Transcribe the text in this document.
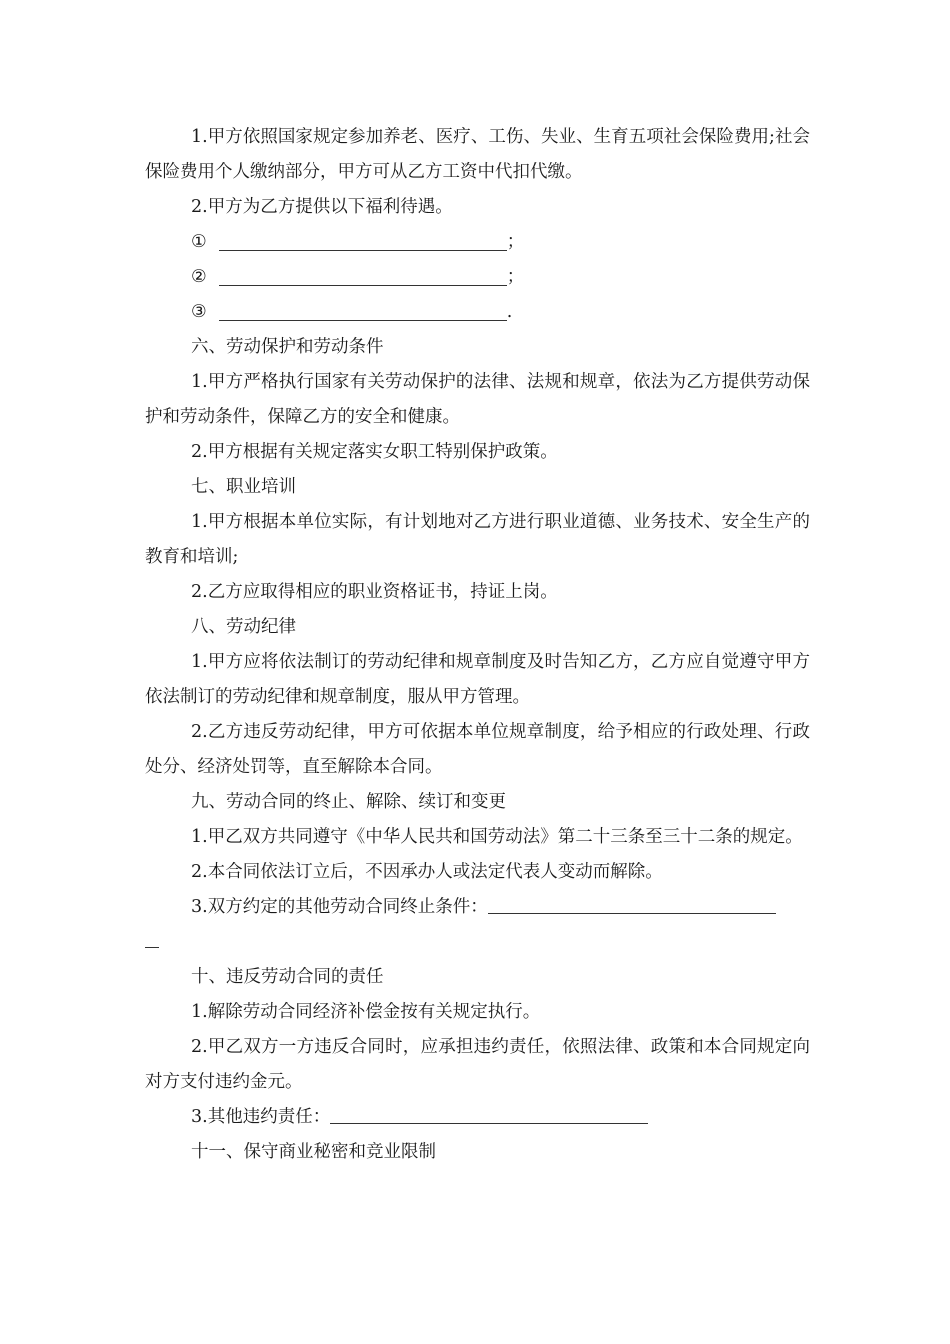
1.甲方依照国家规定参加养老、医疗、工伤、失业、生育五项社会保险费用;社会保险费用个人缴纳部分，甲方可从乙方工资中代扣代缴。

2.甲方为乙方提供以下福利待遇。

①	；
②	；
③	.

六、劳动保护和劳动条件

1.甲方严格执行国家有关劳动保护的法律、法规和规章，依法为乙方提供劳动保护和劳动条件，保障乙方的安全和健康。

2.甲方根据有关规定落实女职工特别保护政策。

七、职业培训

1.甲方根据本单位实际，有计划地对乙方进行职业道德、业务技术、安全生产的教育和培训;

2.乙方应取得相应的职业资格证书，持证上岗。

八、劳动纪律

1.甲方应将依法制订的劳动纪律和规章制度及时告知乙方，乙方应自觉遵守甲方依法制订的劳动纪律和规章制度，服从甲方管理。

2.乙方违反劳动纪律，甲方可依据本单位规章制度，给予相应的行政处理、行政处分、经济处罚等，直至解除本合同。

九、劳动合同的终止、解除、续订和变更

1.甲乙双方共同遵守《中华人民共和国劳动法》第二十三条至三十二条的规定。

2.本合同依法订立后，不因承办人或法定代表人变动而解除。

3.双方约定的其他劳动合同终止条件：

十、违反劳动合同的责任

1.解除劳动合同经济补偿金按有关规定执行。

2.甲乙双方一方违反合同时，应承担违约责任，依照法律、政策和本合同规定向对方支付违约金元。

3.其他违约责任：

十一、保守商业秘密和竞业限制
